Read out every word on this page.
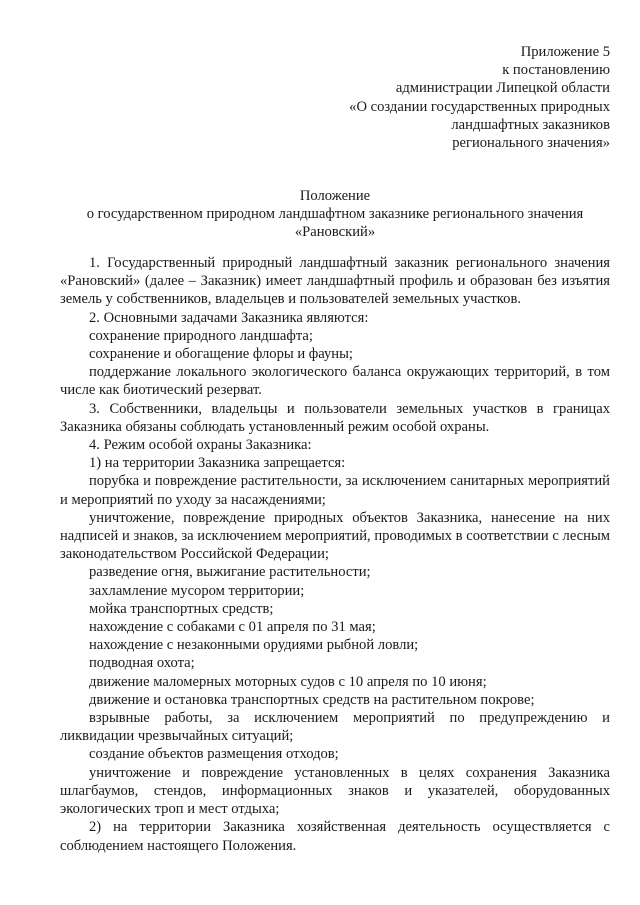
Приложение 5
к постановлению
администрации Липецкой области
«О создании государственных природных
ландшафтных заказников
регионального значения»
Положение
о государственном природном ландшафтном заказнике регионального значения
«Рановский»

1. Государственный природный ландшафтный заказник регионального значения «Рановский» (далее – Заказник) имеет ландшафтный профиль и образован без изъятия земель у собственников, владельцев и пользователей земельных участков.

2. Основными задачами Заказника являются:

сохранение природного ландшафта;

сохранение и обогащение флоры и фауны;

поддержание локального экологического баланса окружающих территорий, в том числе как биотический резерват.

3. Собственники, владельцы и пользователи земельных участков в границах Заказника обязаны соблюдать установленный режим особой охраны.

4. Режим особой охраны Заказника:

1) на территории Заказника запрещается:

порубка и повреждение растительности, за исключением санитарных мероприятий и мероприятий по уходу за насаждениями;

уничтожение, повреждение природных объектов Заказника, нанесение на них надписей и знаков, за исключением мероприятий, проводимых в соответствии с лесным законодательством Российской Федерации;

разведение огня, выжигание растительности;

захламление мусором территории;

мойка транспортных средств;

нахождение с собаками с 01 апреля по 31 мая;

нахождение с незаконными орудиями рыбной ловли;

подводная охота;

движение маломерных моторных судов с 10 апреля по 10 июня;

движение и остановка транспортных средств на растительном покрове;

взрывные работы, за исключением мероприятий по предупреждению и ликвидации чрезвычайных ситуаций;

создание объектов размещения отходов;

уничтожение и повреждение установленных в целях сохранения Заказника шлагбаумов, стендов, информационных знаков и указателей, оборудованных экологических троп и мест отдыха;

2) на территории Заказника хозяйственная деятельность осуществляется с соблюдением настоящего Положения.
